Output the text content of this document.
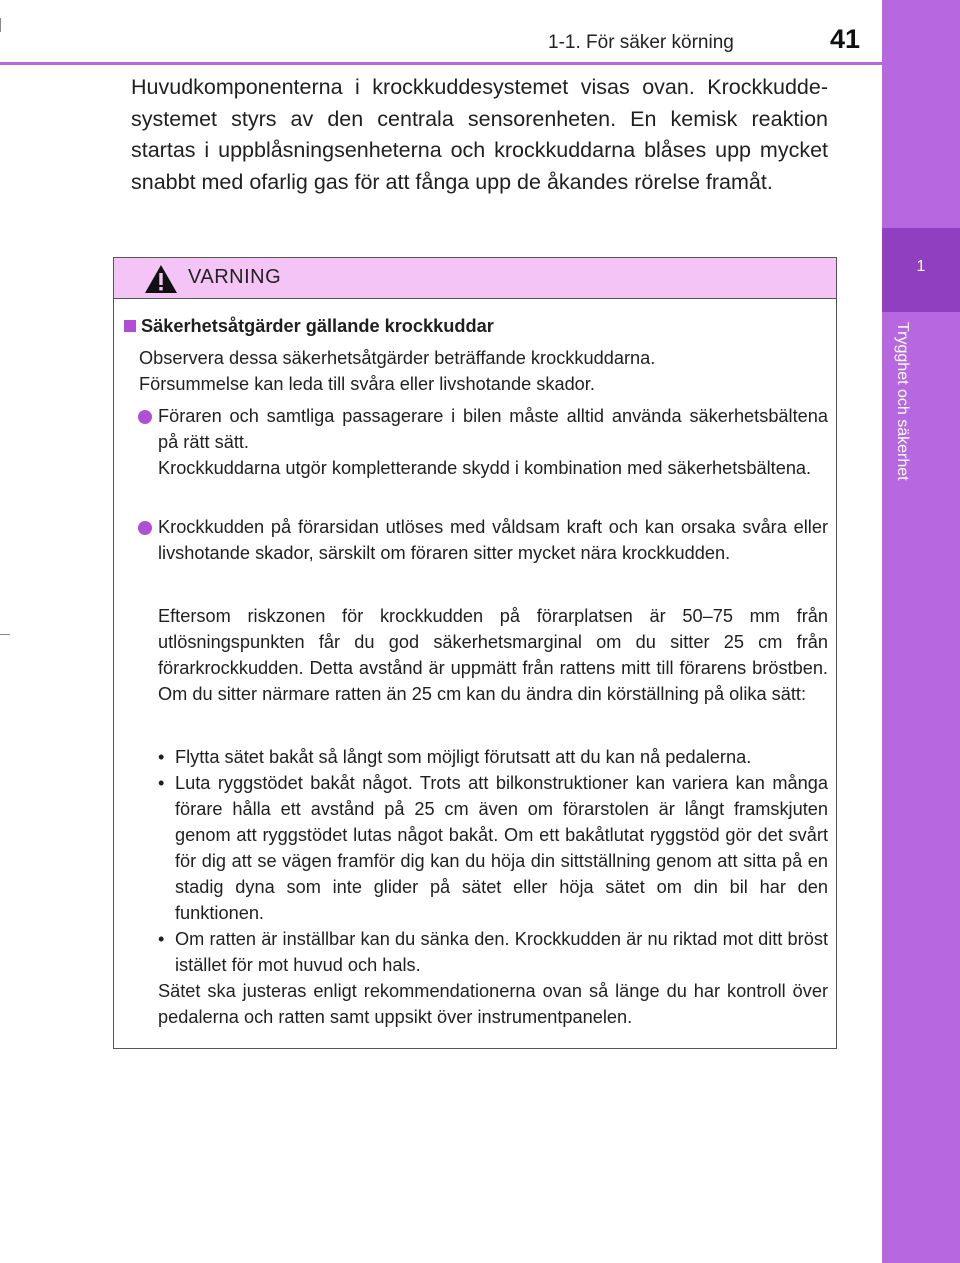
1
Trygghet och säkerhet
1-1. För säker körning	41
Huvudkomponenterna i krockkuddesystemet visas ovan. Krockkuddesystemet styrs av den centrala sensorenheten. En kemisk reaktion startas i uppblåsningsenheterna och krockkuddarna blåses upp mycket snabbt med ofarlig gas för att fånga upp de åkandes rörelse framåt.
VARNING
Säkerhetsåtgärder gällande krockkuddar
Observera dessa säkerhetsåtgärder beträffande krockkuddarna. Försummelse kan leda till svåra eller livshotande skador.
Föraren och samtliga passagerare i bilen måste alltid använda säkerhetsbältena på rätt sätt.
Krockkuddarna utgör kompletterande skydd i kombination med säkerhetsbältena.
Krockkudden på förarsidan utlöses med våldsam kraft och kan orsaka svåra eller livshotande skador, särskilt om föraren sitter mycket nära krockkudden.
Eftersom riskzonen för krockkudden på förarplatsen är 50–75 mm från utlösningspunkten får du god säkerhetsmarginal om du sitter 25 cm från förarkrockkudden. Detta avstånd är uppmätt från rattens mitt till förarens bröstben. Om du sitter närmare ratten än 25 cm kan du ändra din körställning på olika sätt:
• Flytta sätet bakåt så långt som möjligt förutsatt att du kan nå pedalerna.
• Luta ryggstödet bakåt något. Trots att bilkonstruktioner kan variera kan många förare hålla ett avstånd på 25 cm även om förarstolen är långt framskjuten genom att ryggstödet lutas något bakåt. Om ett bakåtlutat ryggstöd gör det svårt för dig att se vägen framför dig kan du höja din sittställning genom att sitta på en stadig dyna som inte glider på sätet eller höja sätet om din bil har den funktionen.
• Om ratten är inställbar kan du sänka den. Krockkudden är nu riktad mot ditt bröst istället för mot huvud och hals.
Sätet ska justeras enligt rekommendationerna ovan så länge du har kontroll över pedalerna och ratten samt uppsikt över instrumentpanelen.
